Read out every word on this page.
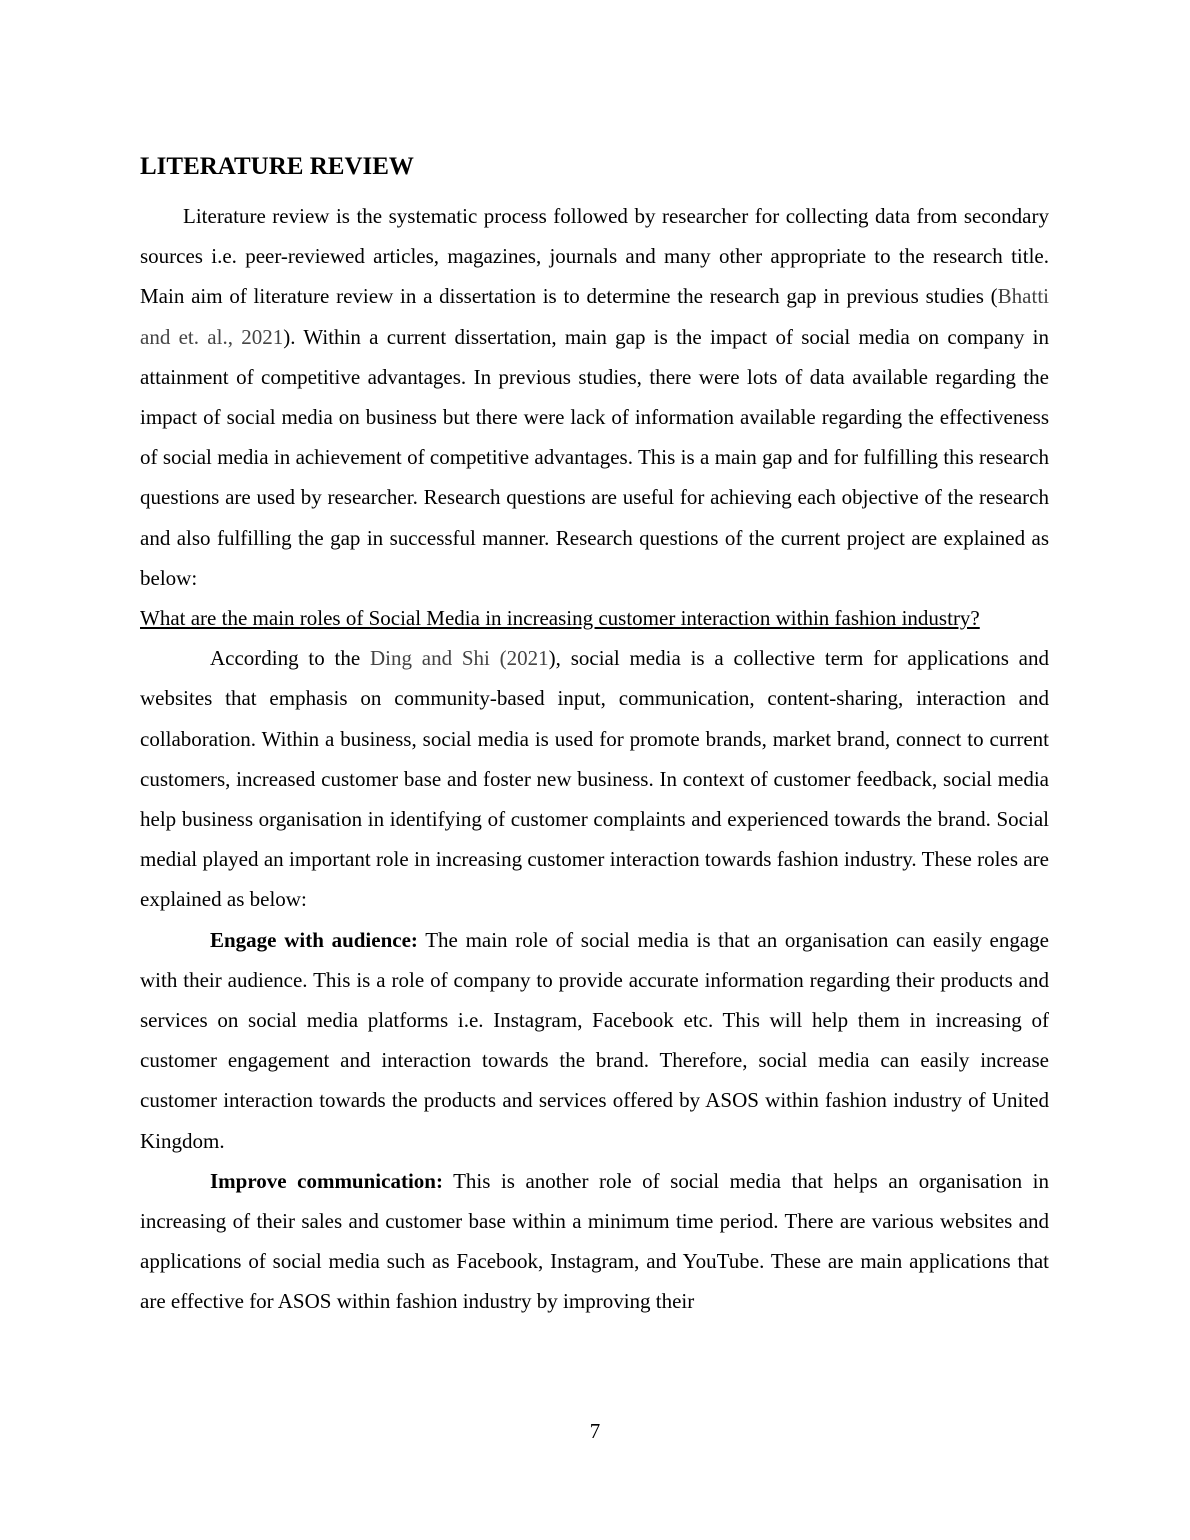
LITERATURE REVIEW

Literature review is the systematic process followed by researcher for collecting data from secondary sources i.e. peer-reviewed articles, magazines, journals and many other appropriate to the research title. Main aim of literature review in a dissertation is to determine the research gap in previous studies (Bhatti and et. al., 2021). Within a current dissertation, main gap is the impact of social media on company in attainment of competitive advantages. In previous studies, there were lots of data available regarding the impact of social media on business but there were lack of information available regarding the effectiveness of social media in achievement of competitive advantages. This is a main gap and for fulfilling this research questions are used by researcher. Research questions are useful for achieving each objective of the research and also fulfilling the gap in successful manner. Research questions of the current project are explained as below:

What are the main roles of Social Media in increasing customer interaction within fashion industry?

According to the Ding and Shi (2021), social media is a collective term for applications and websites that emphasis on community-based input, communication, content-sharing, interaction and collaboration. Within a business, social media is used for promote brands, market brand, connect to current customers, increased customer base and foster new business. In context of customer feedback, social media help business organisation in identifying of customer complaints and experienced towards the brand. Social medial played an important role in increasing customer interaction towards fashion industry. These roles are explained as below:

Engage with audience: The main role of social media is that an organisation can easily engage with their audience. This is a role of company to provide accurate information regarding their products and services on social media platforms i.e. Instagram, Facebook etc. This will help them in increasing of customer engagement and interaction towards the brand. Therefore, social media can easily increase customer interaction towards the products and services offered by ASOS within fashion industry of United Kingdom.

Improve communication: This is another role of social media that helps an organisation in increasing of their sales and customer base within a minimum time period. There are various websites and applications of social media such as Facebook, Instagram, and YouTube. These are main applications that are effective for ASOS within fashion industry by improving their

7
